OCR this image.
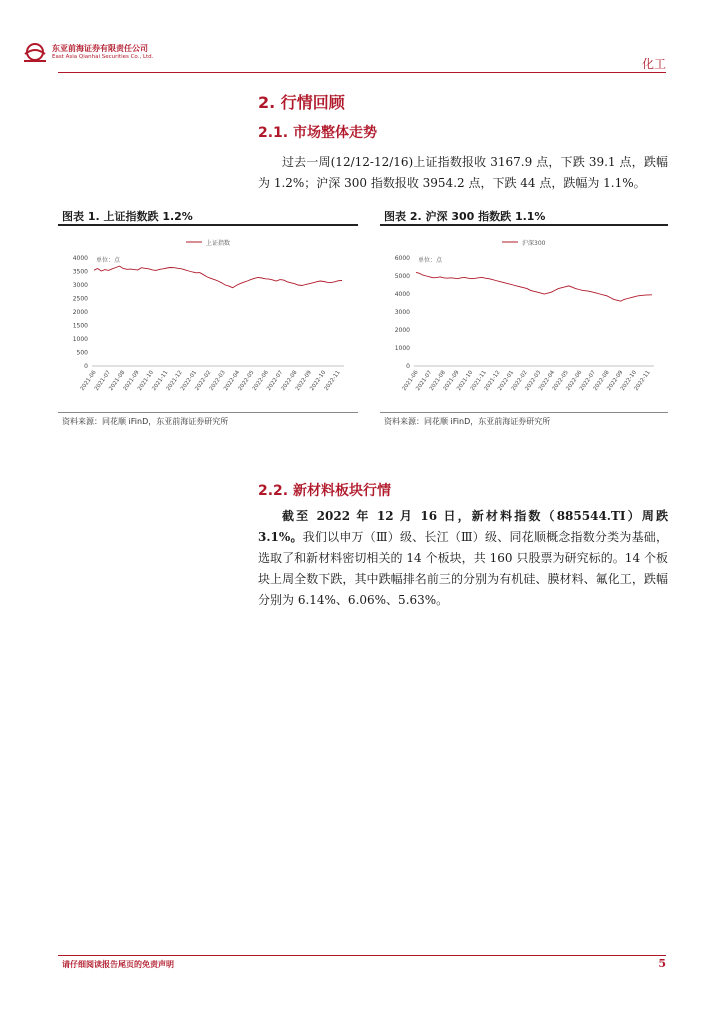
东亚前海证券有限责任公司
East Asia Qianhai Securities Co., Ltd.	化工
2. 行情回顾
2.1. 市场整体走势
过去一周(12/12-12/16)上证指数报收 3167.9 点，下跌 39.1 点，跌幅为 1.2%；沪深 300 指数报收 3954.2 点，下跌 44 点，跌幅为 1.1%。
图表 1. 上证指数跌 1.2%
上证指数
单位：点
0
500
1000
1500
2000
2500
3000
3500
4000
2021-06
2021-07
2021-08
2021-09
2021-10
2021-11
2021-12
2022-01
2022-02
2022-03
2022-04
2022-05
2022-06
2022-07
2022-08
2022-09
2022-10
2022-11
资料来源：同花顺 iFinD，东亚前海证券研究所
图表 2. 沪深 300 指数跌 1.1%
沪深300
单位：点
0
1000
2000
3000
4000
5000
6000
2021-06
2021-07
2021-08
2021-09
2021-10
2021-11
2021-12
2022-01
2022-02
2022-03
2022-04
2022-05
2022-06
2022-07
2022-08
2022-09
2022-10
2022-11
资料来源：同花顺 iFinD，东亚前海证券研究所
2.2. 新材料板块行情
截至 2022 年 12 月 16 日，新材料指数（885544.TI）周跌 3.1%。我们以申万（Ⅲ）级、长江（Ⅲ）级、同花顺概念指数分类为基础，选取了和新材料密切相关的 14 个板块，共 160 只股票为研究标的。14 个板块上周全数下跌，其中跌幅排名前三的分别为有机硅、膜材料、氟化工，跌幅分别为 6.14%、6.06%、5.63%。
请仔细阅读报告尾页的免责声明	5
